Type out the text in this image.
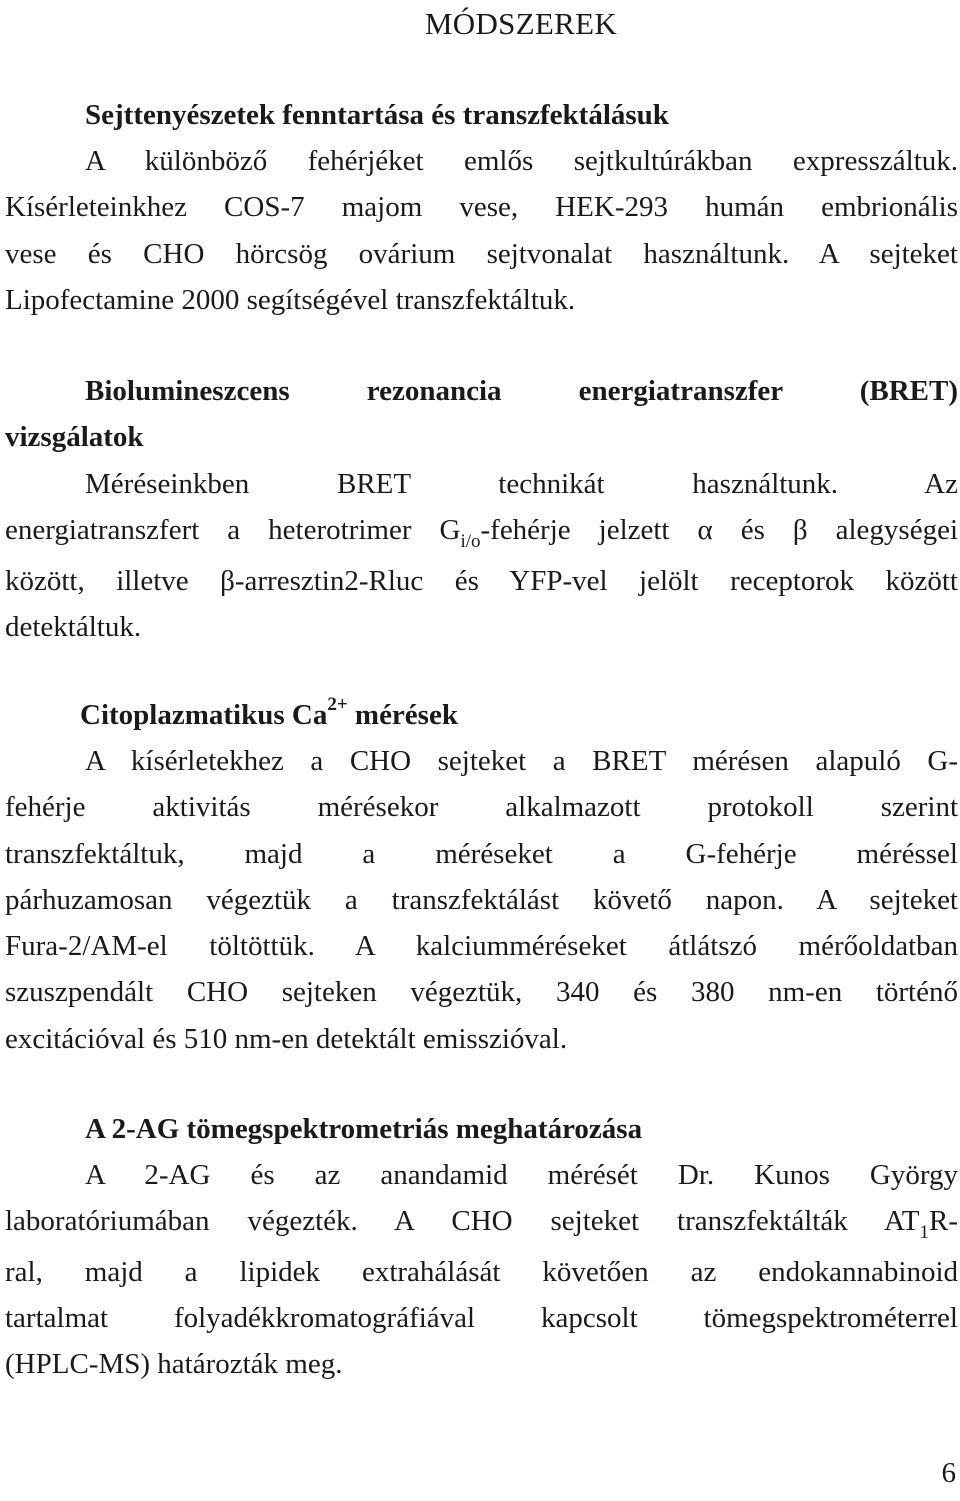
MÓDSZEREK
Sejttenyészetek fenntartása és transzfektálásuk
A különböző fehérjéket emlős sejtkultúrákban expresszáltuk.
Kísérleteinkhez COS-7 majom vese, HEK-293 humán embrionális
vese és CHO hörcsög ovárium sejtvonalat használtunk. A sejteket
Lipofectamine 2000 segítségével transzfektáltuk.
Biolumineszcens rezonancia energiatranszfer (BRET)
vizsgálatok
Méréseinkben BRET technikát használtunk. Az
energiatranszfert a heterotrimer $G_{i/o}$-fehérje jelzett α és β alegységei
között, illetve β-arresztin2-Rluc és YFP-vel jelölt receptorok között
detektáltuk.
Citoplazmatikus $Ca^{2+}$ mérések
A kísérletekhez a CHO sejteket a BRET mérésen alapuló G-
fehérje aktivitás mérésekor alkalmazott protokoll szerint
transzfektáltuk, majd a méréseket a G-fehérje méréssel
párhuzamosan végeztük a transzfektálást követő napon. A sejteket
Fura-2/AM-el töltöttük. A kalciumméréseket átlátszó mérőoldatban
szuszpendált CHO sejteken végeztük, 340 és 380 nm-en történő
excitációval és 510 nm-en detektált emisszióval.
A 2-AG tömegspektrometriás meghatározása
A 2-AG és az anandamid mérését Dr. Kunos György
laboratóriumában végezték. A CHO sejteket transzfektálták $AT_1R-$
ral, majd a lipidek extrahálását követően az endokannabinoid
tartalmat folyadékkromatográfiával kapcsolt tömegspektrométerrel
(HPLC-MS) határozták meg.
6
